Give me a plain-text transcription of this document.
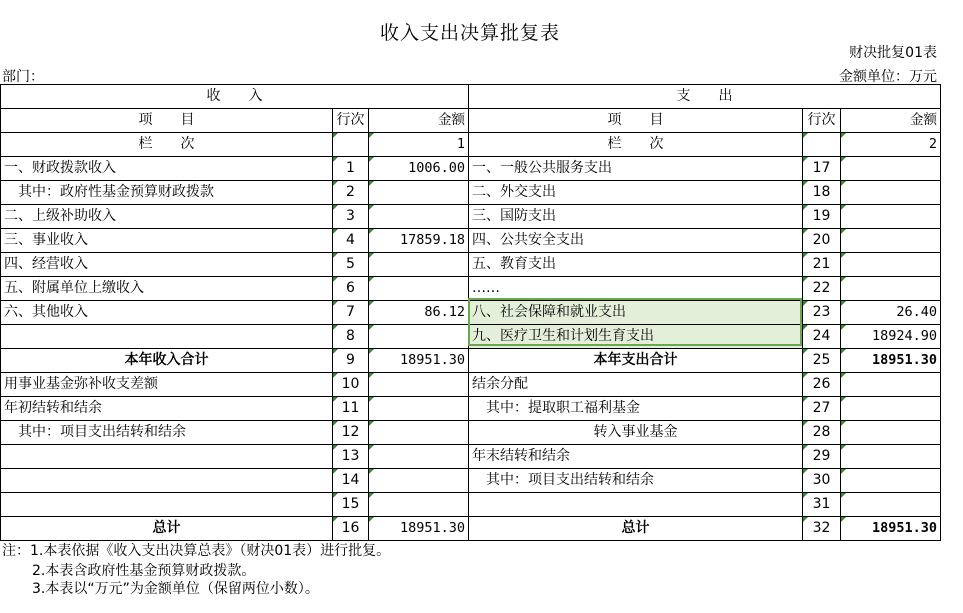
收入支出决算批复表
财决批复01表
部门：	金额单位：万元
收　　入			支　　出		
项　　目	行次	金额	项　　目	行次	金额
栏　　次		1	栏　　次		2
一、财政拨款收入	1	1006.00	一、一般公共服务支出	17	
　其中：政府性基金预算财政拨款	2		二、外交支出	18	
二、上级补助收入	3		三、国防支出	19	
三、事业收入	4	17859.18	四、公共安全支出	20	
四、经营收入	5		五、教育支出	21	
五、附属单位上缴收入	6		……	22	
六、其他收入	7	86.12	八、社会保障和就业支出	23	26.40
	8		九、医疗卫生和计划生育支出	24	18924.90
本年收入合计	9	18951.30	本年支出合计	25	18951.30
用事业基金弥补收支差额	10		结余分配	26	
年初结转和结余	11		　其中：提取职工福利基金	27	
　其中：项目支出结转和结余	12		转入事业基金	28	
	13		年末结转和结余	29	
	14		　其中：项目支出结转和结余	30	
	15			31	
总计	16	18951.30	总计	32	18951.30
注：1.本表依据《收入支出决算总表》（财决01表）进行批复。
2.本表含政府性基金预算财政拨款。
3.本表以“万元”为金额单位（保留两位小数）。
